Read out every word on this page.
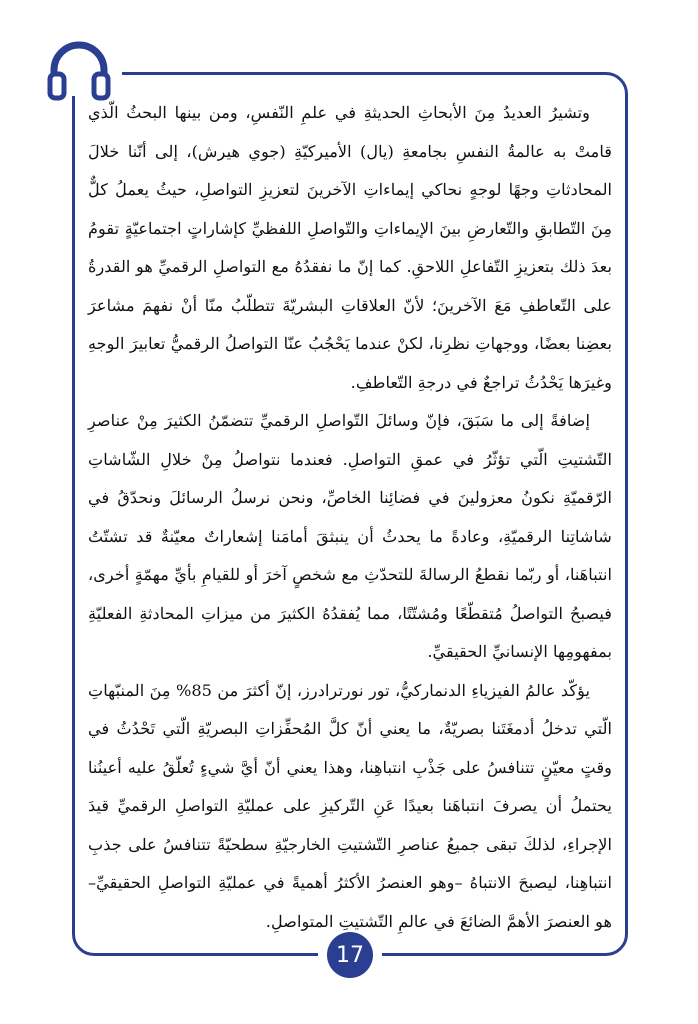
وتشيرُ العديدُ مِنَ الأبحاثِ الحديثةِ في علمِ النّفسِ، ومن بينها البحثُ الّذي قامتْ به عالمةُ النفسِ بجامعةِ (يال) الأميركيّةِ (جوي هيرش)، إلى أنّنا خلالَ المحادثاتِ وجهًا لوجهٍ نحاكي إيماءاتِ الآخرينَ لتعزيزِ التواصلِ، حيثُ يعملُ كلٌّ مِنَ التّطابقِ والتّعارضِ بينَ الإيماءاتِ والتّواصلِ اللفظيِّ كإشاراتٍ اجتماعيّةٍ تقومُ بعدَ ذلك بتعزيزِ التّفاعلِ اللاحقِ. كما إنّ ما نفقدُهُ مع التواصلِ الرقميِّ هو القدرةُ على التّعاطفِ مَعَ الآخرينَ؛ لأنّ العلاقاتِ البشريّةَ تتطلّبُ منّا أنْ نفهمَ مشاعرَ بعضِنا بعضًا، ووجهاتِ نظرِنا، لكنْ عندما يَحْجُبُ عنّا التواصلُ الرقميُّ تعابيرَ الوجهِ وغيرَها يَحْدُثُ تراجعٌ في درجةِ التّعاطفِ.

إضافةً إلى ما سَبَقَ، فإنّ وسائلَ التّواصلِ الرقميِّ تتضمّنُ الكثيرَ مِنْ عناصرِ التّشتيتِ الّتي تؤثّرُ في عمقِ التواصلِ. فعندما نتواصلُ مِنْ خلالِ الشّاشاتِ الرّقميّةِ نكونُ معزولينَ في فضائِنا الخاصِّ، ونحن نرسلُ الرسائلَ ونحدّقُ في شاشاتِنا الرقميّةِ، وعادةً ما يحدثُ أن ينبثقَ أمامَنا إشعاراتٌ معيّنةٌ قد تشتّتُ انتباهَنا، أو ربّما نقطعُ الرسالةَ للتحدّثِ مع شخصٍ آخرَ أو للقيامِ بأيِّ مهمّةٍ أخرى، فيصبحُ التواصلُ مُتقطّعًا ومُشتّتًا، مما يُفقدُهُ الكثيرَ من ميزاتِ المحادثةِ الفعليّةِ بمفهومِها الإنسانيِّ الحقيقيِّ.

يؤكّد عالمُ الفيزياءِ الدنماركيُّ، تور نورترادرز، إنّ أكثرَ من 85% مِنَ المنبّهاتِ الّتي تدخلُ أدمغَتَنا بصريّةٌ، ما يعني أنّ كلَّ المُحفِّزاتِ البصريّةِ الّتي تَحْدُثُ في وقتٍ معيّنٍ تتنافسُ على جَذْبِ انتباهِنا، وهذا يعني أنّ أيَّ شيءٍ تُعلّقُ عليه أعينُنا يحتملُ أن يصرفَ انتباهَنا بعيدًا عَنِ التّركيزِ على عمليّةِ التواصلِ الرقميِّ قيدَ الإجراءِ، لذلكَ تبقى جميعُ عناصرِ التّشتيتِ الخارجيّةِ سطحيّةً تتنافسُ على جذبِ انتباهِنا، ليصبحَ الانتباهُ –وهو العنصرُ الأكثرُ أهميةً في عمليّةِ التواصلِ الحقيقيِّ– هو العنصرَ الأهمَّ الضائعَ في عالمِ التّشتيتِ المتواصلِ.

17
